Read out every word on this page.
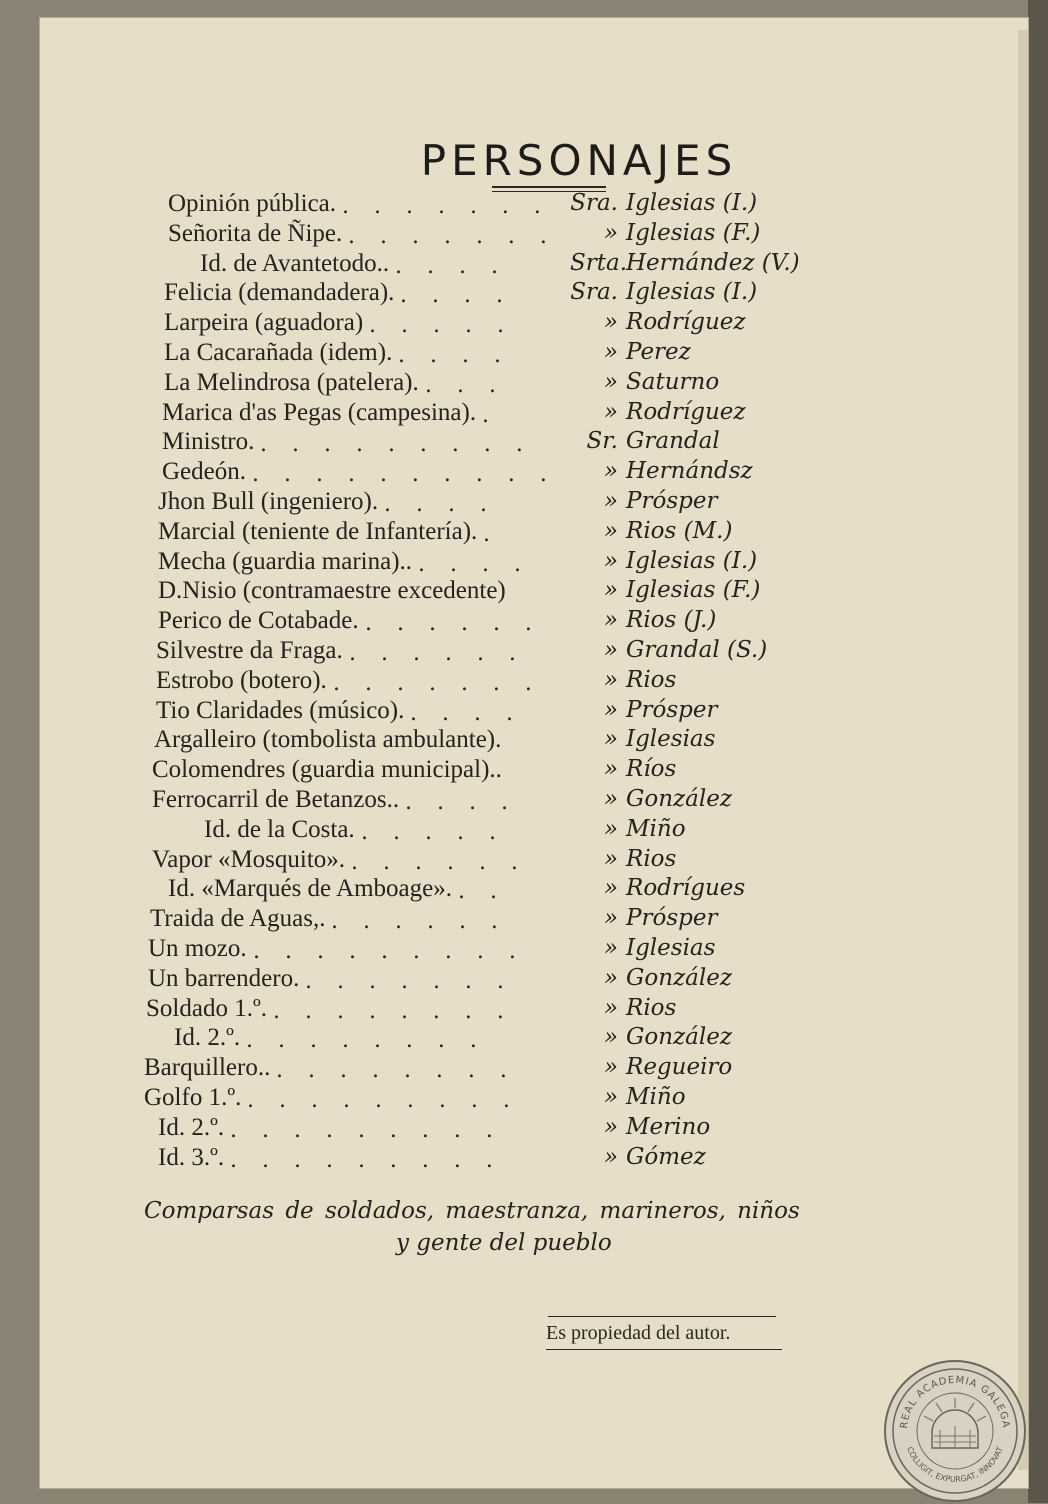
PERSONAJES
Opinión pública. . . . . . . . Sra. Iglesias (I.)
Señorita de Ñipe. . . . . . . .	» Iglesias (F.)
Id. de Avantetodo.. . . . .	Srta.Hernández (V.)
Felicia (demandadera). . . . .	Sra. Iglesias (I.)
Larpeira (aguadora) . . . . .	» Rodríguez
La Cacarañada (idem). . . . .	» Perez
La Melindrosa (patelera). . . .	» Saturno
Marica d'as Pegas (campesina). .	» Rodríguez
Ministro. . . . . . . . . .	Sr. Grandal
Gedeón. . . . . . . . . . .	» Hernándsz
Jhon Bull (ingeniero). . . . .	» Prósper
Marcial (teniente de Infantería). .	» Rios (M.)
Mecha (guardia marina).. . . . .	» Iglesias (I.)
D.Nisio (contramaestre excedente)	» Iglesias (F.)
Perico de Cotabade. . . . . . .	» Rios (J.)
Silvestre da Fraga. . . . . . .	» Grandal (S.)
Estrobo (botero). . . . . . . .	» Rios
Tio Claridades (músico). . . . .	» Prósper
Argalleiro (tombolista ambulante).	» Iglesias
Colomendres (guardia municipal)..	» Ríos
Ferrocarril de Betanzos.. . . . .	» González
Id. de la Costa. . . . . .	» Miño
Vapor «Mosquito». . . . . . .	» Rios
Id. «Marqués de Amboage». . .	» Rodrígues
Traida de Aguas,. . . . . . .	» Prósper
Un mozo. . . . . . . . . .	» Iglesias
Un barrendero. . . . . . . .	» González
Soldado 1.º. . . . . . . . .	» Rios
Id. 2.º. . . . . . . . .	» González
Barquillero.. . . . . . . . .	» Regueiro
Golfo 1.º. . . . . . . . . .	» Miño
Id. 2.º. . . . . . . . . .	» Merino
Id. 3.º. . . . . . . . . .	» Gómez
Comparsas de soldados, maestranza, marineros, niños
y gente del pueblo
Es propiedad del autor.
REAL ACADEMIA GALEGA
COLLIGIT, EXPURGAT, INNOVAT
